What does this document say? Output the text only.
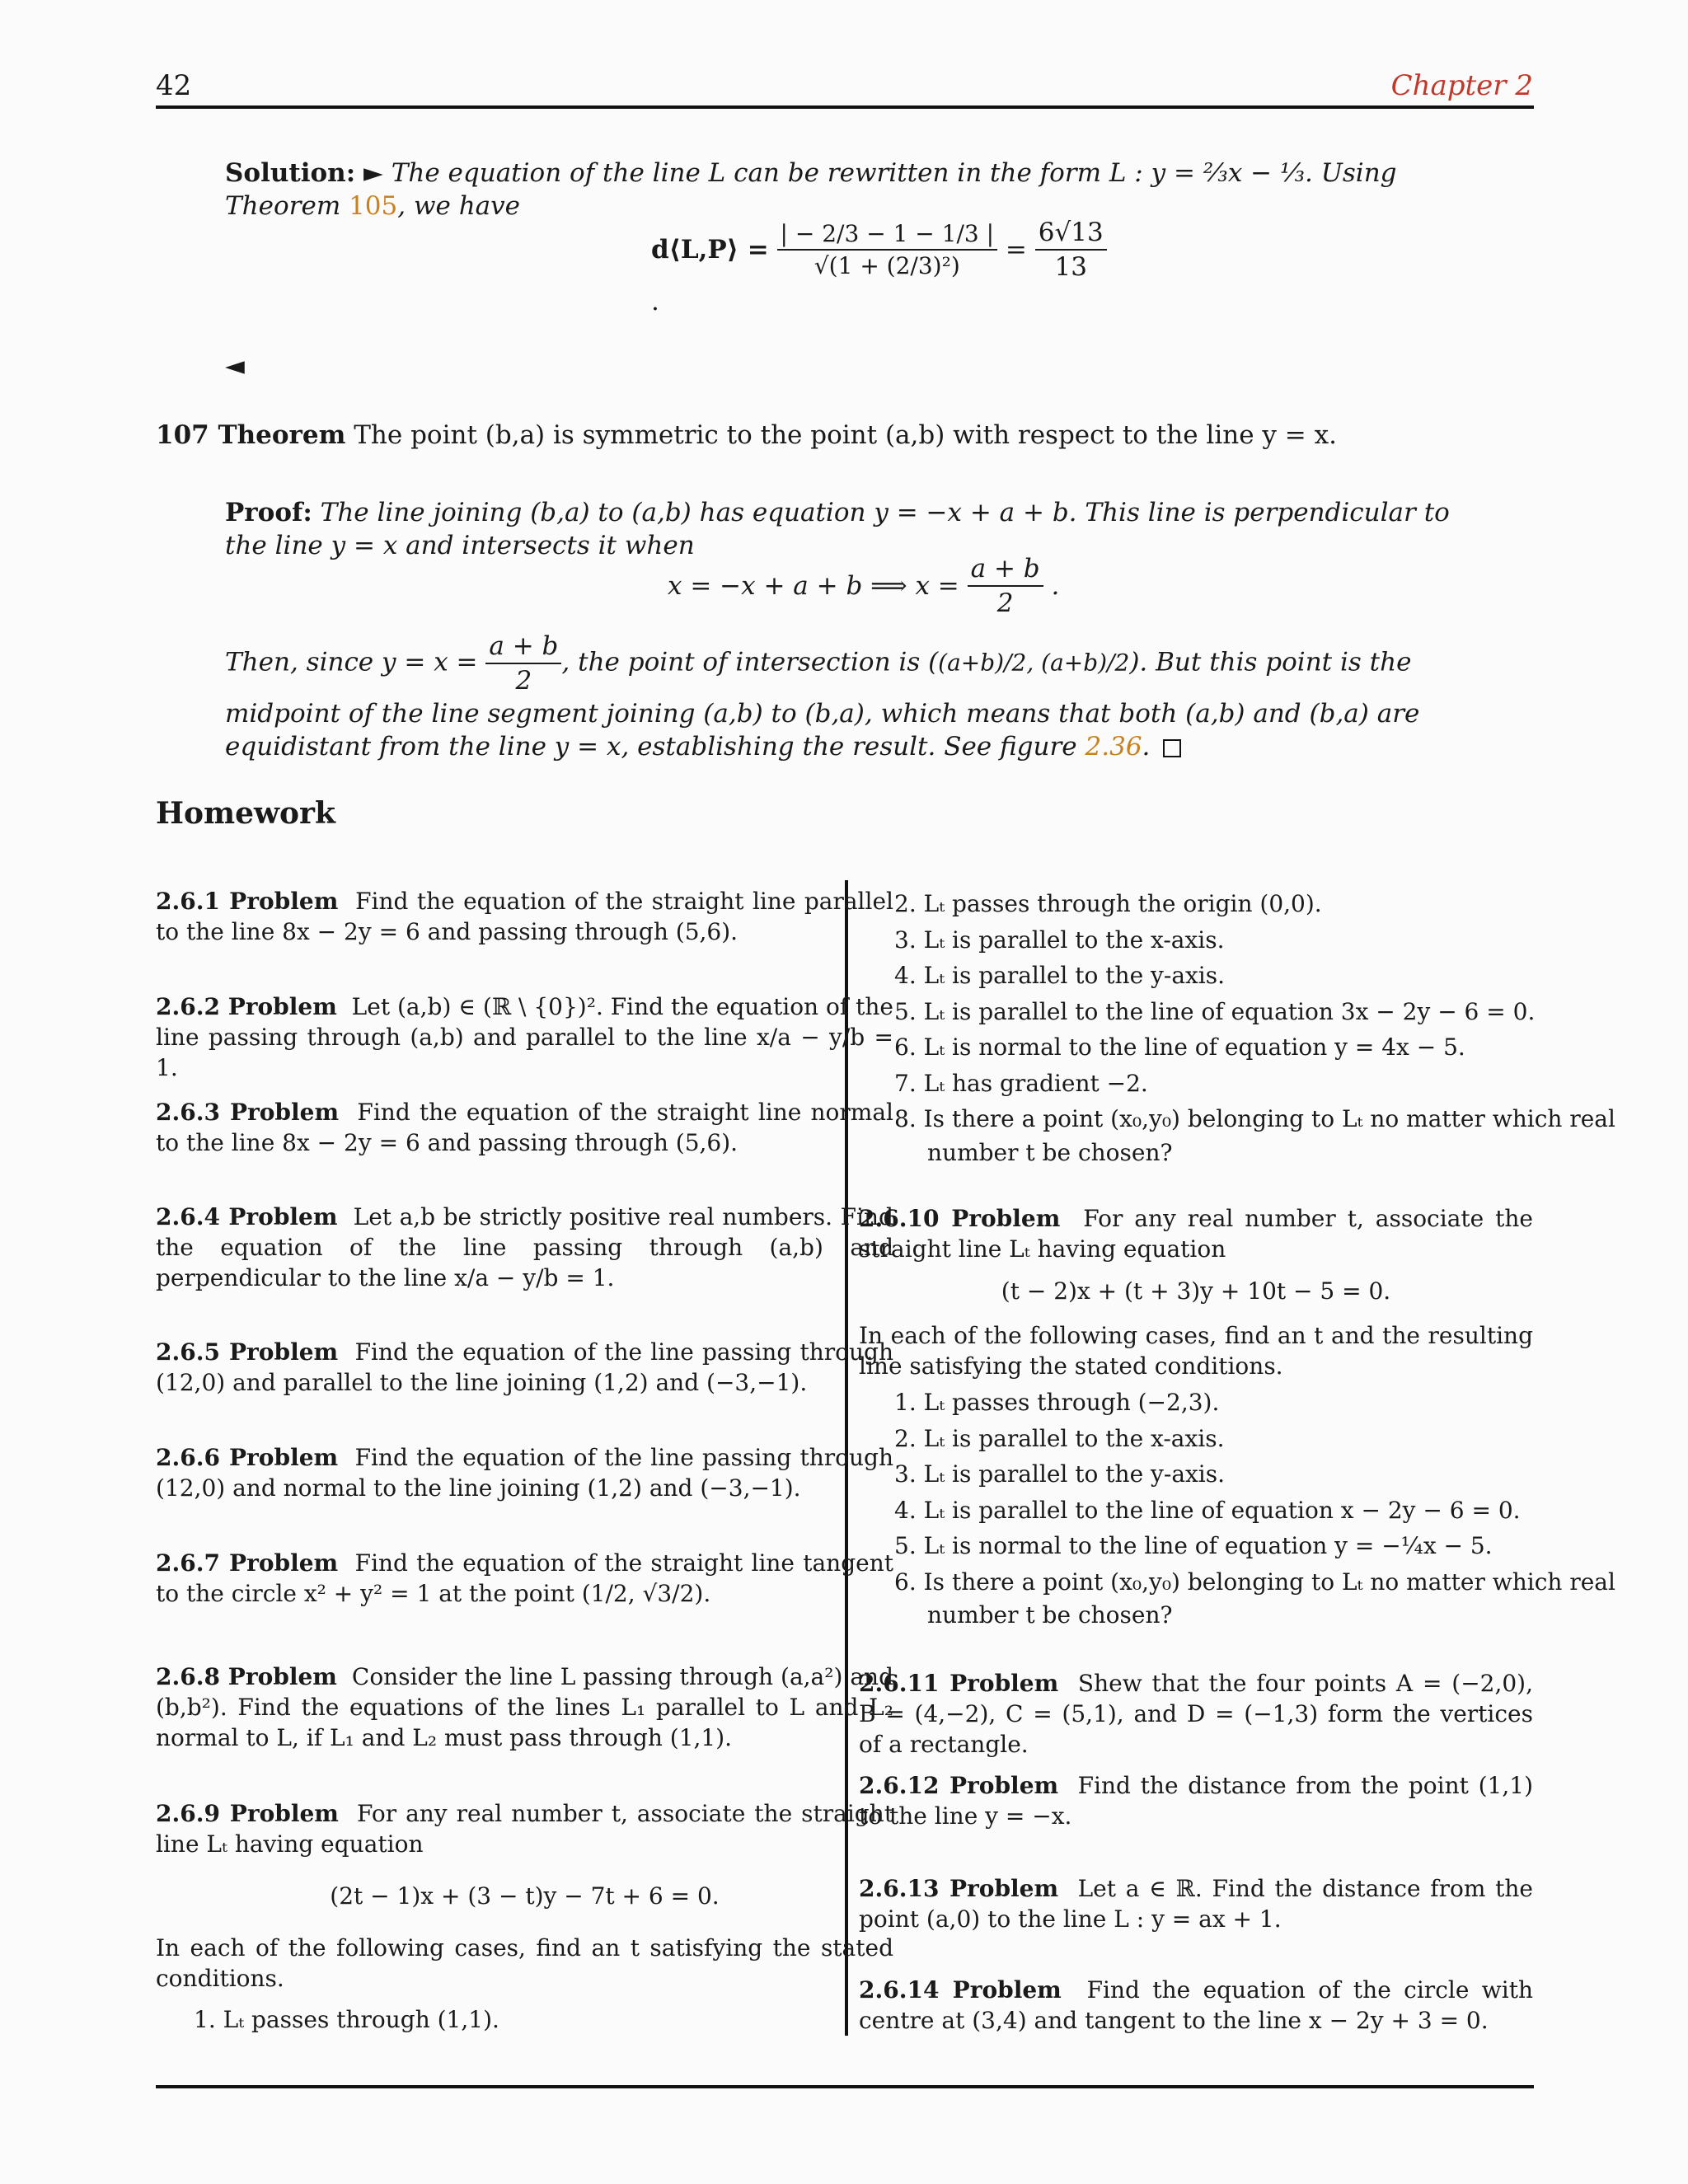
42	Chapter 2
Solution: ► The equation of the line L can be rewritten in the form L : y = ⅔x − ⅓. Using Theorem 105, we have
d⟨L,P⟩ = $\frac{| - 2/3 - 1 - 1/3 |}{\text{√(1 + (2/3)²)}} = \frac{6√13}{13}$
.
◄
107 Theorem The point (b,a) is symmetric to the point (a,b) with respect to the line y = x.
Proof: The line joining (b,a) to (a,b) has equation y = −x + a + b. This line is perpendicular to the line y = x and intersects it when
x = −x + a + b ⟹ $x = \frac{a + b}{2}$ .
Then, since $y = x = \frac{a + b}{2}$ , the point of intersection is ((a+b)/2, (a+b)/2). But this point is the midpoint of the line segment joining (a,b) to (b,a), which means that both (a,b) and (b,a) are equidistant from the line y = x, establishing the result. See figure 2.36.
Homework

2.6.1 Problem Find the equation of the straight line parallel to the line 8x − 2y = 6 and passing through (5,6).

2.6.2 Problem Let (a,b) ∈ (ℝ \ {0})². Find the equation of the line passing through (a,b) and parallel to the line x/a − y/b = 1.

2.6.3 Problem Find the equation of the straight line normal to the line 8x − 2y = 6 and passing through (5,6).

2.6.4 Problem Let a,b be strictly positive real numbers. Find the equation of the line passing through (a,b) and perpendicular to the line x/a − y/b = 1.

2.6.5 Problem Find the equation of the line passing through (12,0) and parallel to the line joining (1,2) and (−3,−1).

2.6.6 Problem Find the equation of the line passing through (12,0) and normal to the line joining (1,2) and (−3,−1).

2.6.7 Problem Find the equation of the straight line tangent to the circle x² + y² = 1 at the point (1/2, √3/2).

2.6.8 Problem Consider the line L passing through (a,a²) and (b,b²). Find the equations of the lines L₁ parallel to L and L₂ normal to L, if L₁ and L₂ must pass through (1,1).

2.6.9 Problem For any real number t, associate the straight line Lₜ having equation

(2t − 1)x + (3 − t)y − 7t + 6 = 0.

In each of the following cases, find an t satisfying the stated conditions.

1. Lₜ passes through (1,1).
2. Lₜ passes through the origin (0,0).
3. Lₜ is parallel to the x-axis.
4. Lₜ is parallel to the y-axis.
5. Lₜ is parallel to the line of equation 3x − 2y − 6 = 0.
6. Lₜ is normal to the line of equation y = 4x − 5.
7. Lₜ has gradient −2.
8. Is there a point (x₀,y₀) belonging to Lₜ no matter which real
number t be chosen?

2.6.10 Problem For any real number t, associate the straight line Lₜ having equation

(t − 2)x + (t + 3)y + 10t − 5 = 0.

In each of the following cases, find an t and the resulting line satisfying the stated conditions.

1. Lₜ passes through (−2,3).
2. Lₜ is parallel to the x-axis.
3. Lₜ is parallel to the y-axis.
4. Lₜ is parallel to the line of equation x − 2y − 6 = 0.
5. Lₜ is normal to the line of equation y = −¼x − 5.
6. Is there a point (x₀,y₀) belonging to Lₜ no matter which real
number t be chosen?

2.6.11 Problem Shew that the four points A = (−2,0), B = (4,−2), C = (5,1), and D = (−1,3) form the vertices of a rectangle.

2.6.12 Problem Find the distance from the point (1,1) to the line y = −x.

2.6.13 Problem Let a ∈ ℝ. Find the distance from the point (a,0) to the line L : y = ax + 1.

2.6.14 Problem Find the equation of the circle with centre at (3,4) and tangent to the line x − 2y + 3 = 0.
